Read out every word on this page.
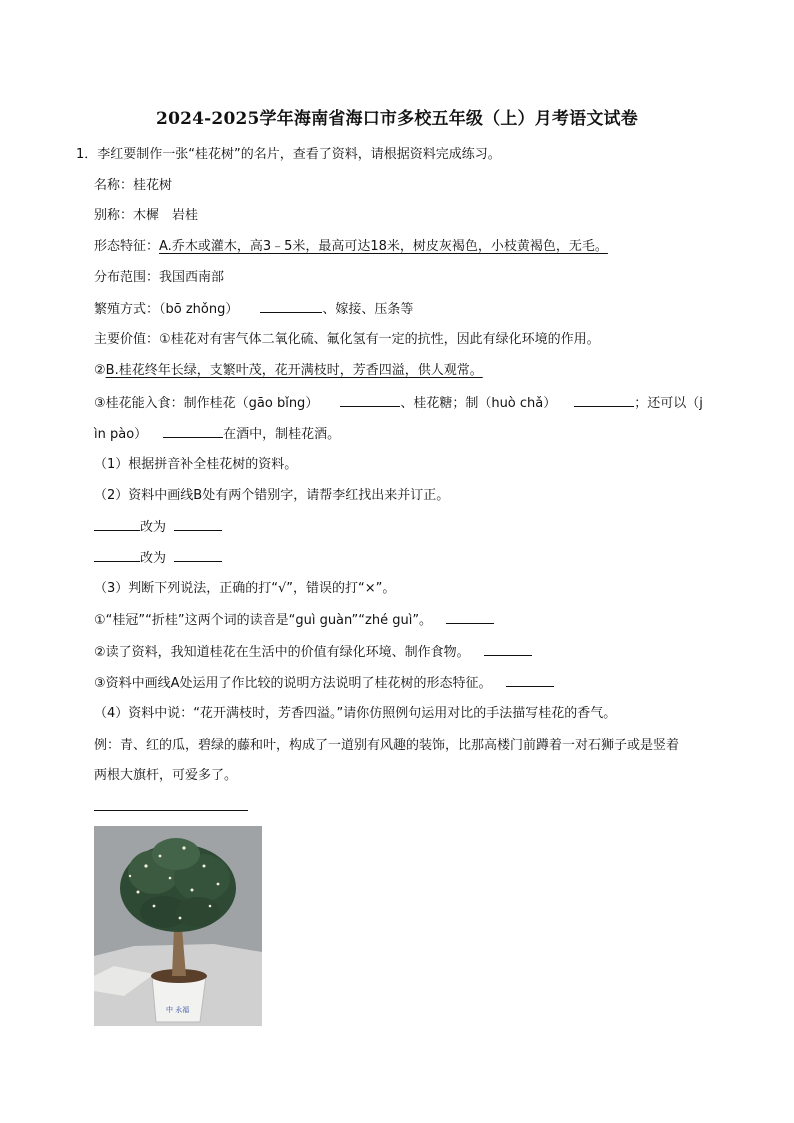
2024-2025学年海南省海口市多校五年级（上）月考语文试卷
1．李红要制作一张“桂花树”的名片，查看了资料，请根据资料完成练习。
名称：桂花树
别称：木樨　岩桂
形态特征：A.乔木或灌木，高3﹣5米，最高可达18米，树皮灰褐色，小枝黄褐色，无毛。
分布范围：我国西南部
繁殖方式：（bō zhǒng）	、嫁接、压条等
主要价值：①桂花对有害气体二氧化硫、氟化氢有一定的抗性，因此有绿化环境的作用。
②B.桂花终年长绿，支繁叶茂，花开满枝时，芳香四溢，供人观常。
③桂花能入食：制作桂花（gāo bǐng）	、桂花糖；制（huò chǎ）	；还可以（j
ìn pào）	在酒中，制桂花酒。
（1）根据拼音补全桂花树的资料。
（2）资料中画线B处有两个错别字，请帮李红找出来并订正。
改为
改为
（3）判断下列说法，正确的打“√”，错误的打“×”。
①“桂冠”“折桂”这两个词的读音是“guì guàn”“zhé guì”。
②读了资料，我知道桂花在生活中的价值有绿化环境、制作食物。
③资料中画线A处运用了作比较的说明方法说明了桂花树的形态特征。
（4）资料中说：“花开满枝时，芳香四溢。”请你仿照例句运用对比的手法描写桂花的香气。
例：青、红的瓜，碧绿的藤和叶，构成了一道别有风趣的装饰，比那高楼门前蹲着一对石狮子或是竖着
两根大旗杆，可爱多了。
中 永福
